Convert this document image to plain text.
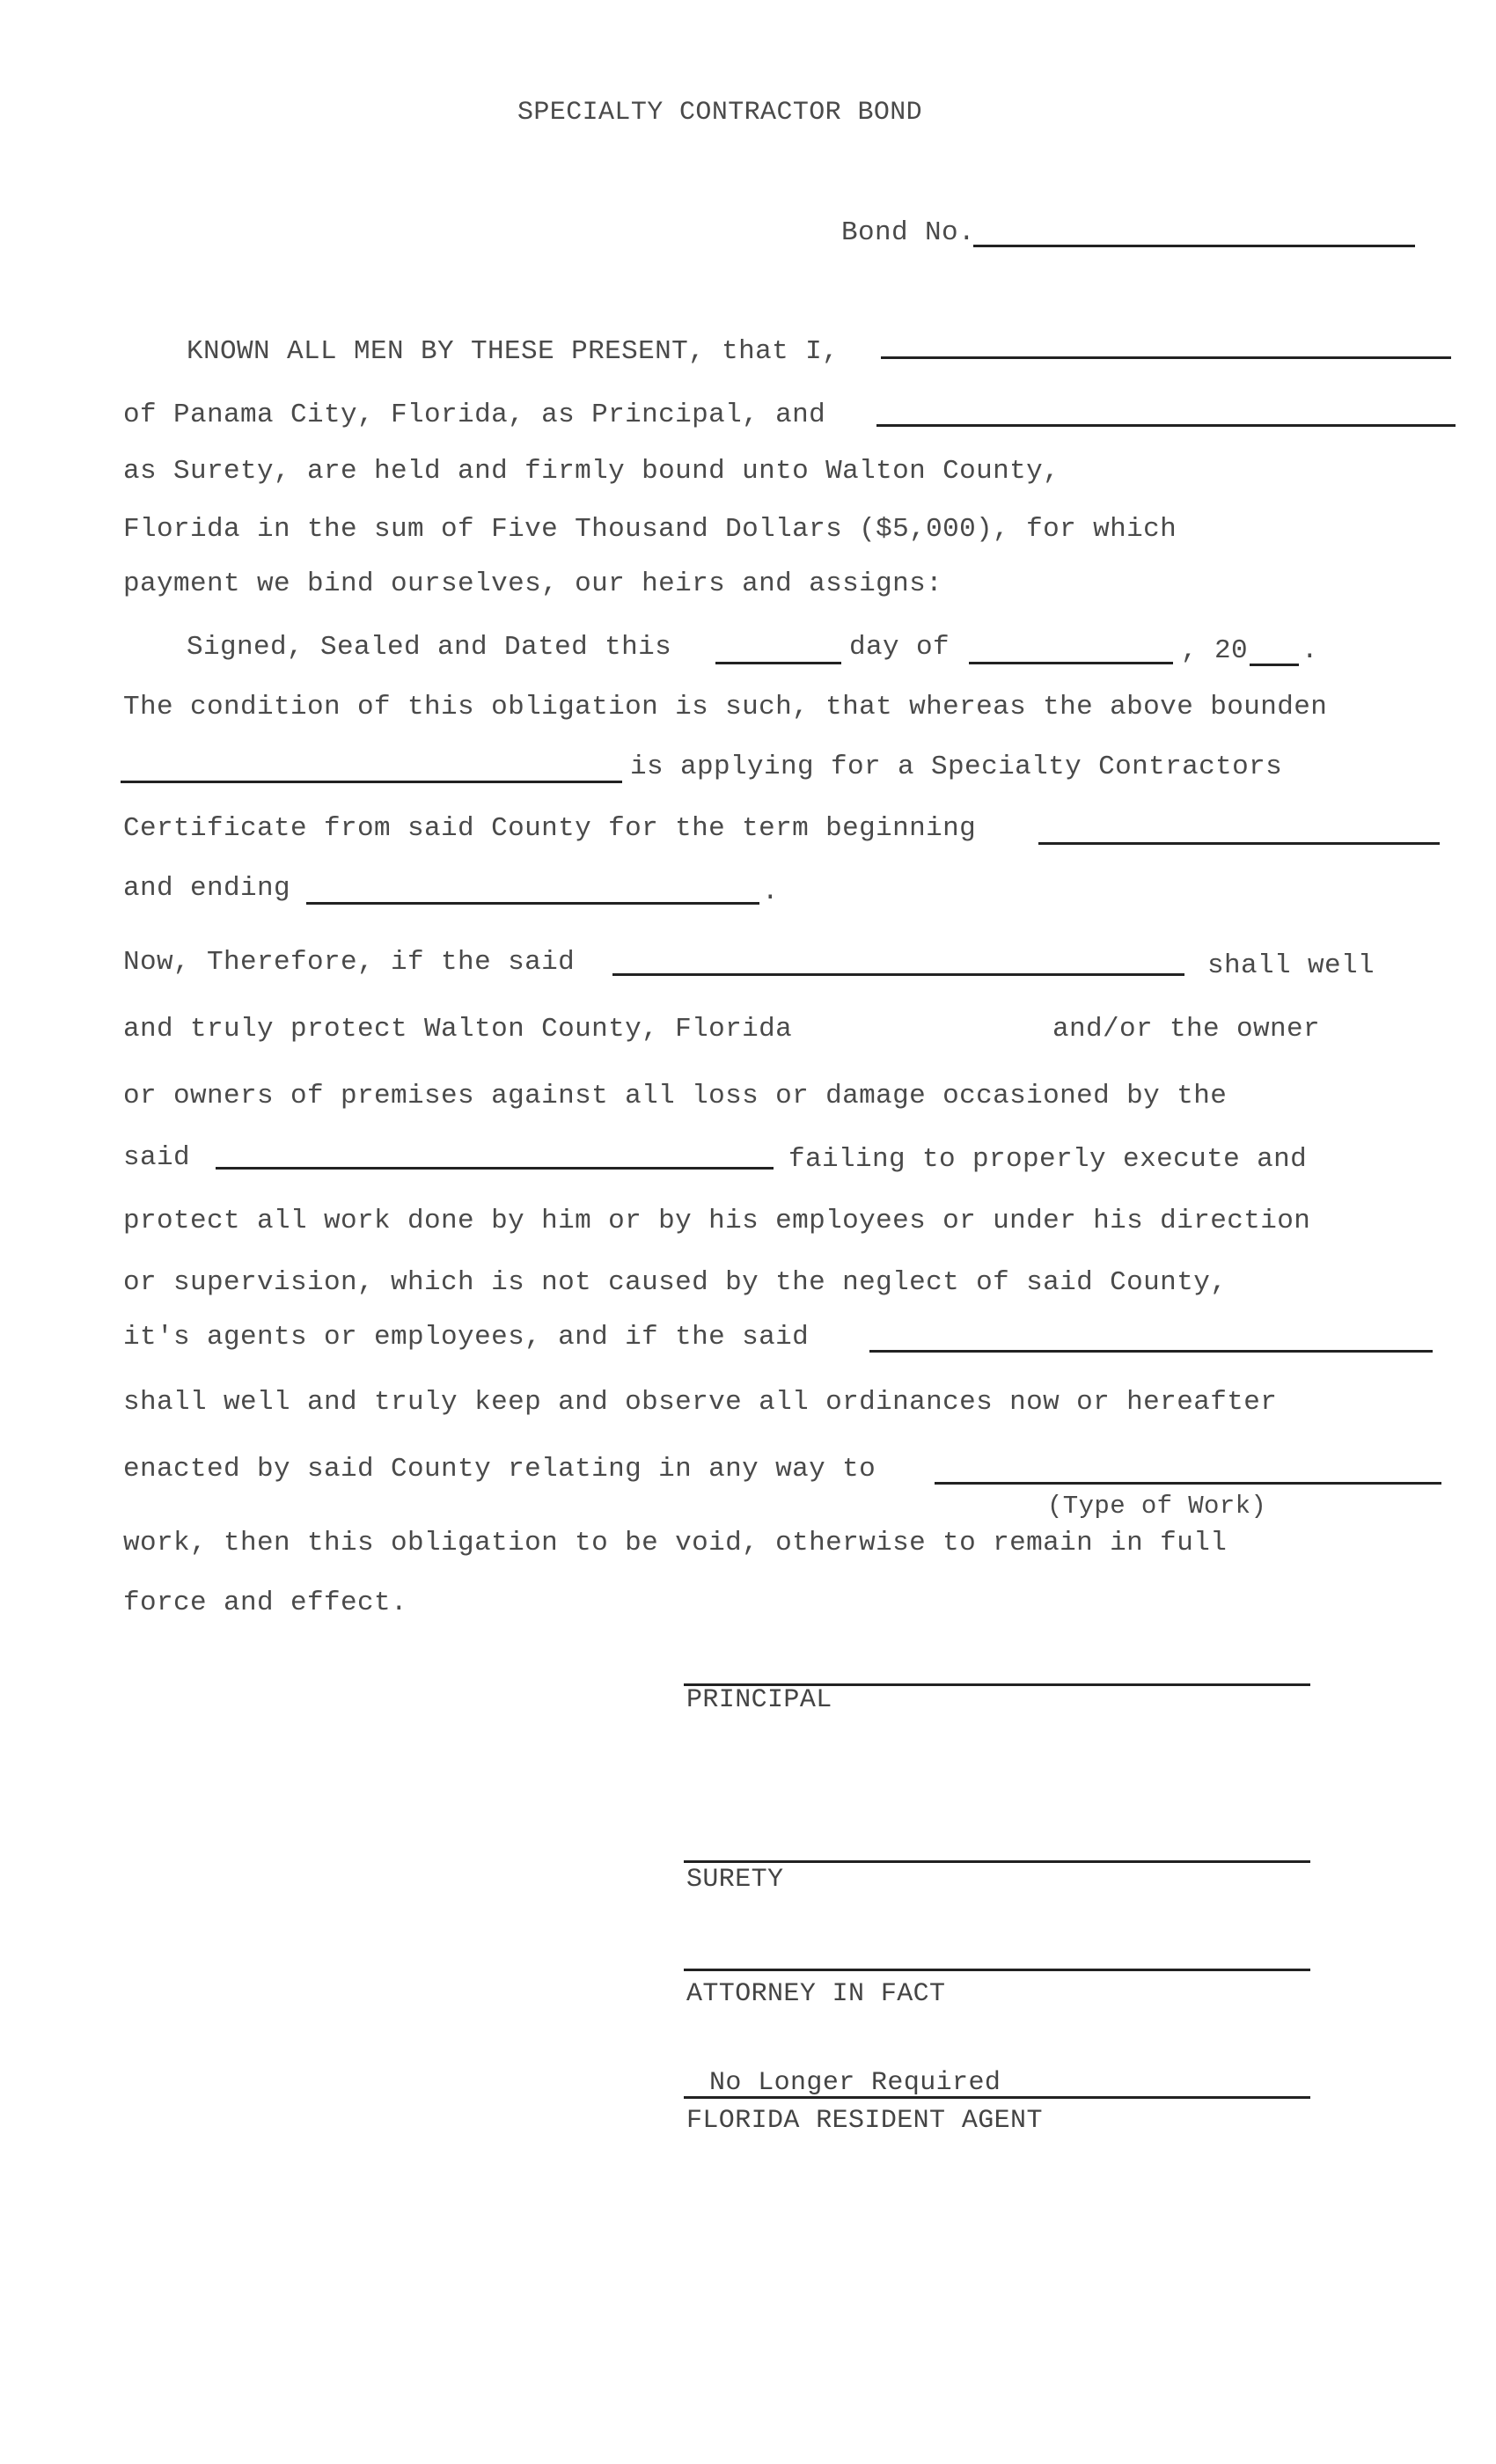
SPECIALTY CONTRACTOR BOND
Bond No.
KNOWN ALL MEN BY THESE PRESENT, that I,
of Panama City, Florida, as Principal, and
as Surety, are held and firmly bound unto Walton County,
Florida in the sum of Five Thousand Dollars ($5,000), for which
payment we bind ourselves, our heirs and assigns:
Signed, Sealed and Dated this	day of	, 20 .
The condition of this obligation is such, that whereas the above bounden
is applying for a Specialty Contractors
Certificate from said County for the term beginning
and ending	.
Now, Therefore, if the said	shall well
and truly protect Walton County, Florida	and/or the owner
or owners of premises against all loss or damage occasioned by the
said	failing to properly execute and
protect all work done by him or by his employees or under his direction
or supervision, which is not caused by the neglect of said County,
it's agents or employees, and if the said
shall well and truly keep and observe all ordinances now or hereafter
enacted by said County relating in any way to
(Type of Work)
work, then this obligation to be void, otherwise to remain in full
force and effect.
PRINCIPAL
SURETY
ATTORNEY IN FACT
No Longer Required
FLORIDA RESIDENT AGENT
